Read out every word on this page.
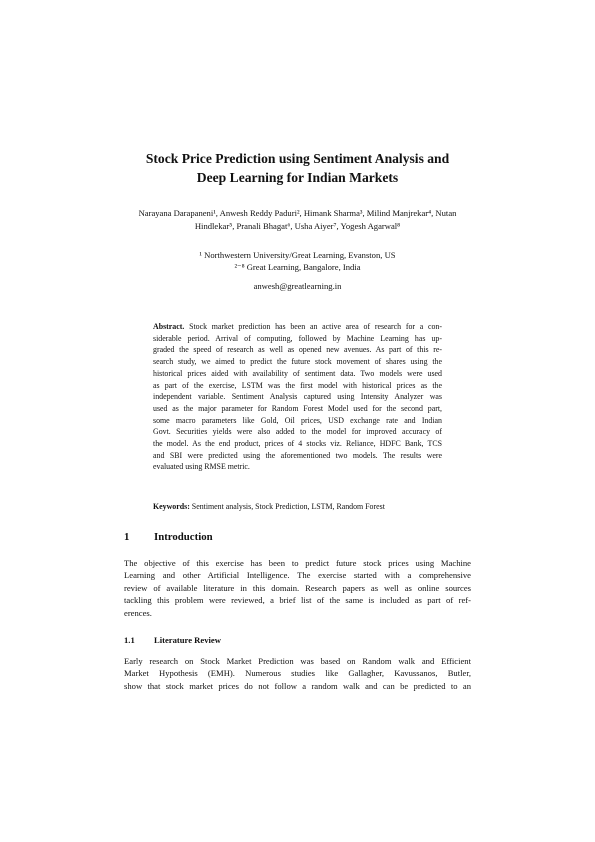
Stock Price Prediction using Sentiment Analysis and
Deep Learning for Indian Markets
Narayana Darapaneni¹, Anwesh Reddy Paduri², Himank Sharma³, Milind Manjrekar⁴, Nutan
Hindlekar⁵, Pranali Bhagat⁶, Usha Aiyer⁷, Yogesh Agarwal⁸
¹ Northwestern University/Great Learning, Evanston, US
²⁻⁸ Great Learning, Bangalore, India
anwesh@greatlearning.in
Abstract. Stock market prediction has been an active area of research for a con-
siderable period. Arrival of computing, followed by Machine Learning has up-
graded the speed of research as well as opened new avenues. As part of this re-
search study, we aimed to predict the future stock movement of shares using the
historical prices aided with availability of sentiment data. Two models were used
as part of the exercise, LSTM was the first model with historical prices as the
independent variable. Sentiment Analysis captured using Intensity Analyzer was
used as the major parameter for Random Forest Model used for the second part,
some macro parameters like Gold, Oil prices, USD exchange rate and Indian
Govt. Securities yields were also added to the model for improved accuracy of
the model. As the end product, prices of 4 stocks viz. Reliance, HDFC Bank, TCS
and SBI were predicted using the aforementioned two models. The results were
evaluated using RMSE metric.
Keywords: Sentiment analysis, Stock Prediction, LSTM, Random Forest
1 Introduction
The objective of this exercise has been to predict future stock prices using Machine
Learning and other Artificial Intelligence. The exercise started with a comprehensive
review of available literature in this domain. Research papers as well as online sources
tackling this problem were reviewed, a brief list of the same is included as part of ref-
erences.
1.1 Literature Review
Early research on Stock Market Prediction was based on Random walk and Efficient
Market Hypothesis (EMH). Numerous studies like Gallagher, Kavussanos, Butler,
show that stock market prices do not follow a random walk and can be predicted to an
